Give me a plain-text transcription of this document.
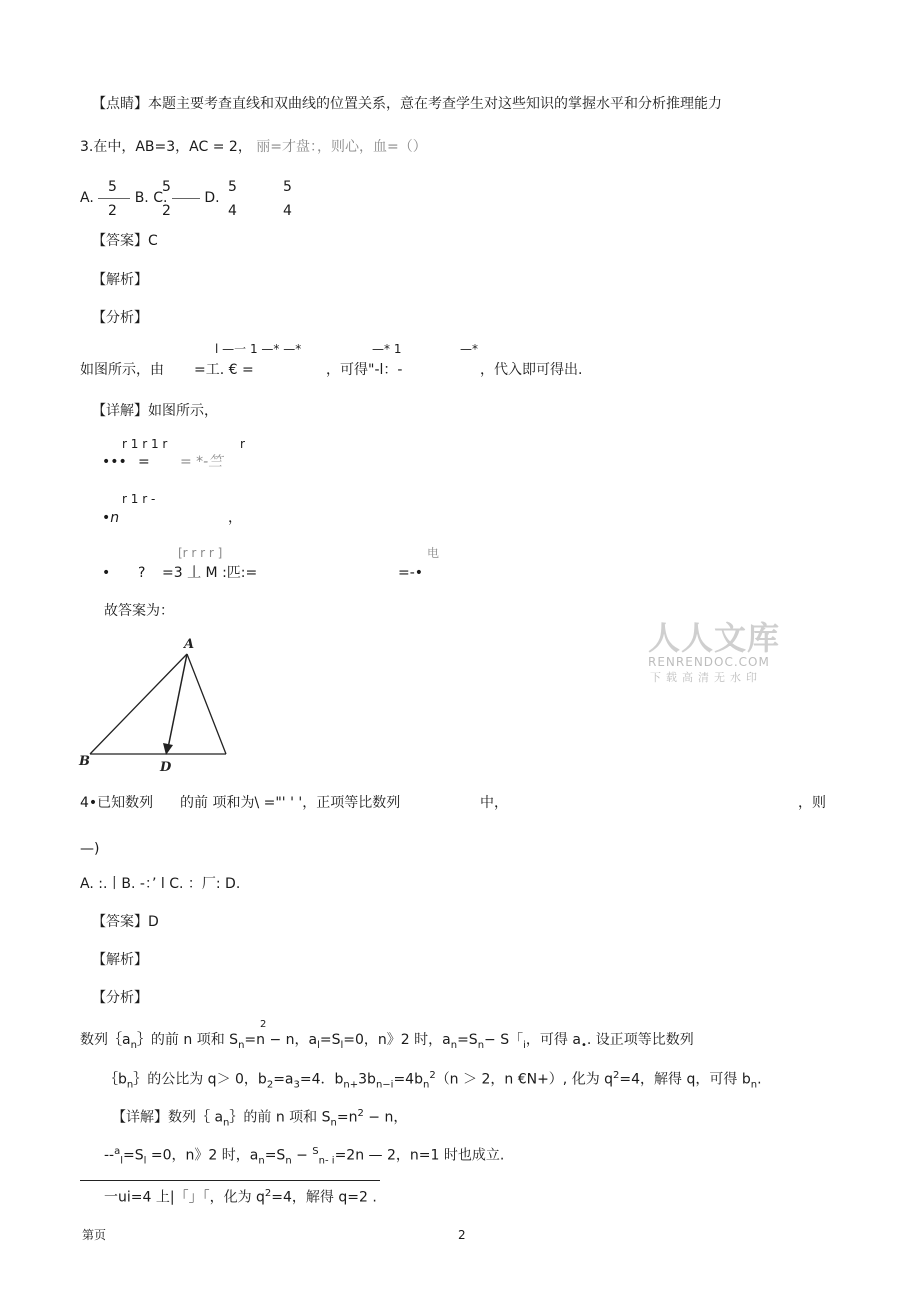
【点睛】本题主要考查直线和双曲线的位置关系，意在考查学生对这些知识的掌握水平和分析推理能力
3.在中，AB=3，AC = 2， 丽=才盘：，则心，血=（）
5	5	5	5
A.	B. C.	D.
2	2	4	4
【答案】C
【解析】
【分析】
l —一 1 —* —*	—* 1	—*
如图所示，由 =工. € =	，可得"-l：-	，代入即可得出.
【详解】如图所示，
r 1 r 1 r	r
••• = = *-竺
r 1 r -
•n	，
[r r r r ]	电
• ? =3 丄 M :匹:=	=-•
故答案为：
A
B	D
人人文库
RENRENDOC.COM
下载高清无水印
4•已知数列 的前 项和为\ ="' ' '，正项等比数列	中，	，则
—)
A. :.丨B. -：’ l C. ：厂: D.
【答案】D
【解析】
【分析】
2
数列$\{a_n\}$的前 n 项和 $S_n=n - n$，$a_l=S_l=0$，n》2 时，$a_n=S_n- S$「$_i$，可得 $a_•$. 设正项等比数列
$\{b_n\}$的公比为 q＞ 0，$b_2=a_3=4$．$b_{n+}3b_{n-i}=4b_n^2(n > 2$，n €N+）, 化为 $q^2=4$，解得 q，可得 $b_n$.
【详解】数列｛ $a_n\}$的前 n 项和 $S_n=n^2 - n$，
$--^a_l=S_l =0$，n》2 时，$a_n=S_n - ^S_{n- i}=2n$ — 2，n=1 时也成立.
一ui=4 上|「」「，化为 $q^2=4$，解得 q=2 .
第页	2
